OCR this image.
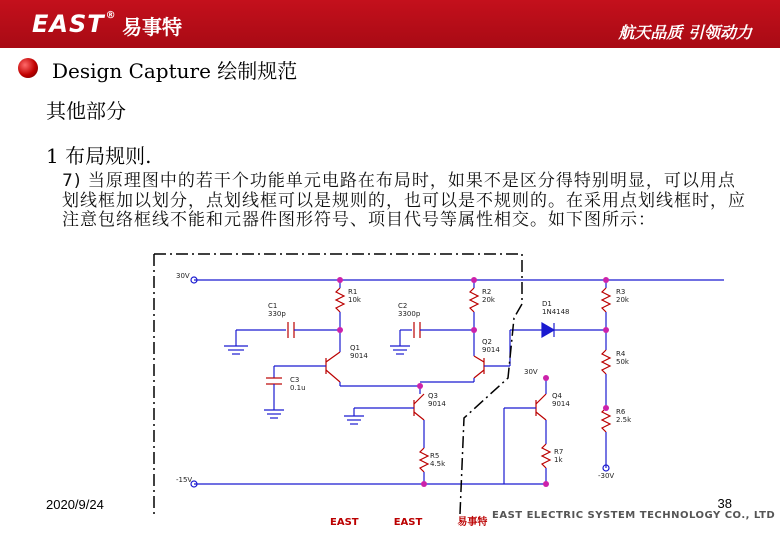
EAST® 易事特	航天品质 引领动力
Design Capture 绘制规范
其他部分
1 布局规则.
7) 当原理图中的若干个功能单元电路在布局时，如果不是区分得特别明显，可以用点划线框加以划分，点划线框可以是规则的，也可以是不规则的。在采用点划线框时，应注意包络框线不能和元器件图形符号、项目代号等属性相交。如下图所示：
30V
-15V
30V
-30V
R1
10k
R2
20k
R3
20k
R4
50k
R5
4.5k
R6
2.5k
R7
1k
C1
330p
C2
3300p
C3
0.1u
D1
1N4148
Q1
9014
Q2
9014
Q3
9014
Q4
9014
2020/9/24	38
EAST	EAST	易事特
EAST ELECTRIC SYSTEM TECHNOLOGY CO., LTD
